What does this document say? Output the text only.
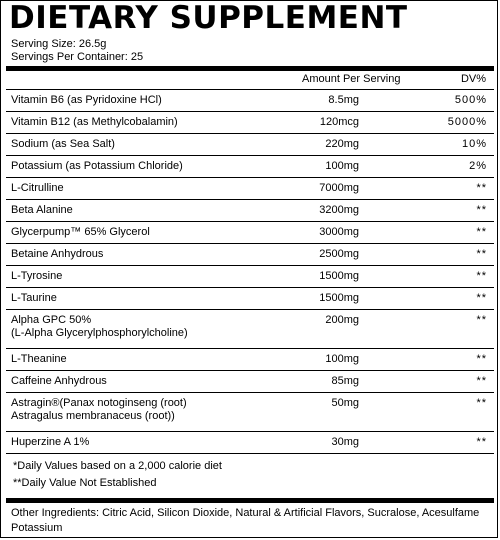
DIETARY SUPPLEMENT
Serving Size: 26.5g
Servings Per Container: 25
Amount Per Serving	DV%
Vitamin B6 (as Pyridoxine HCl)	8.5mg	500%
Vitamin B12 (as Methylcobalamin)	120mcg	5000%
Sodium (as Sea Salt)	220mg	10%
Potassium (as Potassium Chloride)	100mg	2%
L-Citrulline	7000mg	**
Beta Alanine	3200mg	**
Glycerpump™ 65% Glycerol	3000mg	**
Betaine Anhydrous	2500mg	**
L-Tyrosine	1500mg	**
L-Taurine	1500mg	**
Alpha GPC 50%
(L-Alpha Glycerylphosphorylcholine)
200mg	**
L-Theanine	100mg	**
Caffeine Anhydrous	85mg	**
Astragin®(Panax notoginseng (root)
Astragalus membranaceus (root))
50mg	**
Huperzine A 1%	30mg	**
*Daily Values based on a 2,000 calorie diet
**Daily Value Not Established
Other Ingredients: Citric Acid, Silicon Dioxide, Natural & Artificial Flavors, Sucralose, Acesulfame Potassium
